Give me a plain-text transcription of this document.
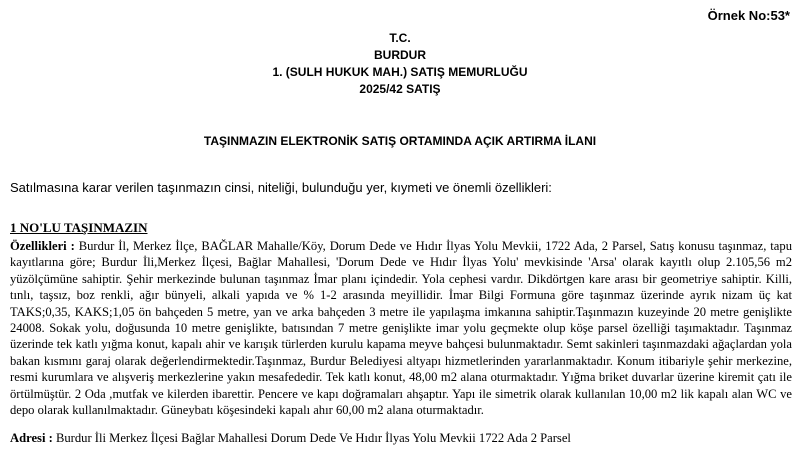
Örnek No:53*
T.C.
BURDUR
1. (SULH HUKUK MAH.) SATIŞ MEMURLUĞU
2025/42 SATIŞ
TAŞINMAZIN ELEKTRONİK SATIŞ ORTAMINDA AÇIK ARTIRMA İLANI
Satılmasına karar verilen taşınmazın cinsi, niteliği, bulunduğu yer, kıymeti ve önemli özellikleri:
1 NO'LU TAŞINMAZIN
Özellikleri : Burdur İl, Merkez İlçe, BAĞLAR Mahalle/Köy, Dorum Dede ve Hıdır İlyas Yolu Mevkii, 1722 Ada, 2 Parsel, Satış konusu taşınmaz, tapu kayıtlarına göre; Burdur İli,Merkez İlçesi, Bağlar Mahallesi, 'Dorum Dede ve Hıdır İlyas Yolu' mevkisinde 'Arsa' olarak kayıtlı olup 2.105,56 m2 yüzölçümüne sahiptir. Şehir merkezinde bulunan taşınmaz İmar planı içindedir. Yola cephesi vardır. Dikdörtgen kare arası bir geometriye sahiptir. Killi, tınlı, taşsız, boz renkli, ağır bünyeli, alkali yapıda ve % 1-2 arasında meyillidir. İmar Bilgi Formuna göre taşınmaz üzerinde ayrık nizam üç kat TAKS;0,35, KAKS;1,05 ön bahçeden 5 metre, yan ve arka bahçeden 3 metre ile yapılaşma imkanına sahiptir.Taşınmazın kuzeyinde 20 metre genişlikte 24008. Sokak yolu, doğusunda 10 metre genişlikte, batısından 7 metre genişlikte imar yolu geçmekte olup köşe parsel özelliği taşımaktadır. Taşınmaz üzerinde tek katlı yığma konut, kapalı ahir ve karışık türlerden kurulu kapama meyve bahçesi bulunmaktadır. Semt sakinleri taşınmazdaki ağaçlardan yola bakan kısmını garaj olarak değerlendirmektedir.Taşınmaz, Burdur Belediyesi altyapı hizmetlerinden yararlanmaktadır. Konum itibariyle şehir merkezine, resmi kurumlara ve alışveriş merkezlerine yakın mesafededir. Tek katlı konut, 48,00 m2 alana oturmaktadır. Yığma briket duvarlar üzerine kiremit çatı ile örtülmüştür. 2 Oda ,mutfak ve kilerden ibarettir. Pencere ve kapı doğramaları ahşaptır. Yapı ile simetrik olarak kullanılan 10,00 m2 lik kapalı alan WC ve depo olarak kullanılmaktadır. Güneybatı köşesindeki kapalı ahır 60,00 m2 alana oturmaktadır.
Adresi : Burdur İli Merkez İlçesi Bağlar Mahallesi Dorum Dede Ve Hıdır İlyas Yolu Mevkii 1722 Ada 2 Parsel
